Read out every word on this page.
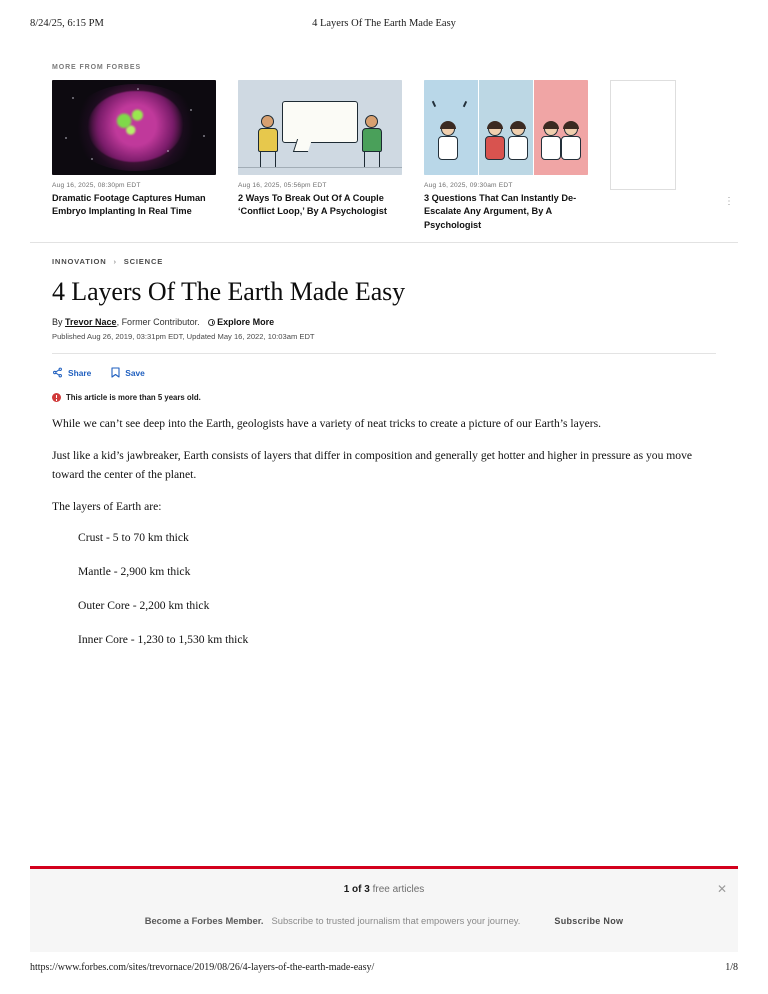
8/24/25, 6:15 PM	4 Layers Of The Earth Made Easy
MORE FROM FORBES
Aug 16, 2025, 08:30pm EDT
Dramatic Footage Captures Human Embryo Implanting In Real Time
Aug 16, 2025, 05:56pm EDT
2 Ways To Break Out Of A Couple ‘Conflict Loop,’ By A Psychologist
Aug 16, 2025, 09:30am EDT
3 Questions That Can Instantly De-Escalate Any Argument, By A Psychologist
⋮
INNOVATION › SCIENCE
4 Layers Of The Earth Made Easy
By Trevor Nace, Former Contributor. Explore More
Published Aug 26, 2019, 03:31pm EDT, Updated May 16, 2022, 10:03am EDT
Share	Save
This article is more than 5 years old.

While we can’t see deep into the Earth, geologists have a variety of neat tricks to create a picture of our Earth’s layers.

Just like a kid’s jawbreaker, Earth consists of layers that differ in composition and generally get hotter and higher in pressure as you move toward the center of the planet.

The layers of Earth are:

Crust - 5 to 70 km thick
Mantle - 2,900 km thick
Outer Core - 2,200 km thick
Inner Core - 1,230 to 1,530 km thick
1 of 3 free articles
Become a Forbes Member. Subscribe to trusted journalism that empowers your journey.	Subscribe Now
✕
https://www.forbes.com/sites/trevornace/2019/08/26/4-layers-of-the-earth-made-easy/	1/8
